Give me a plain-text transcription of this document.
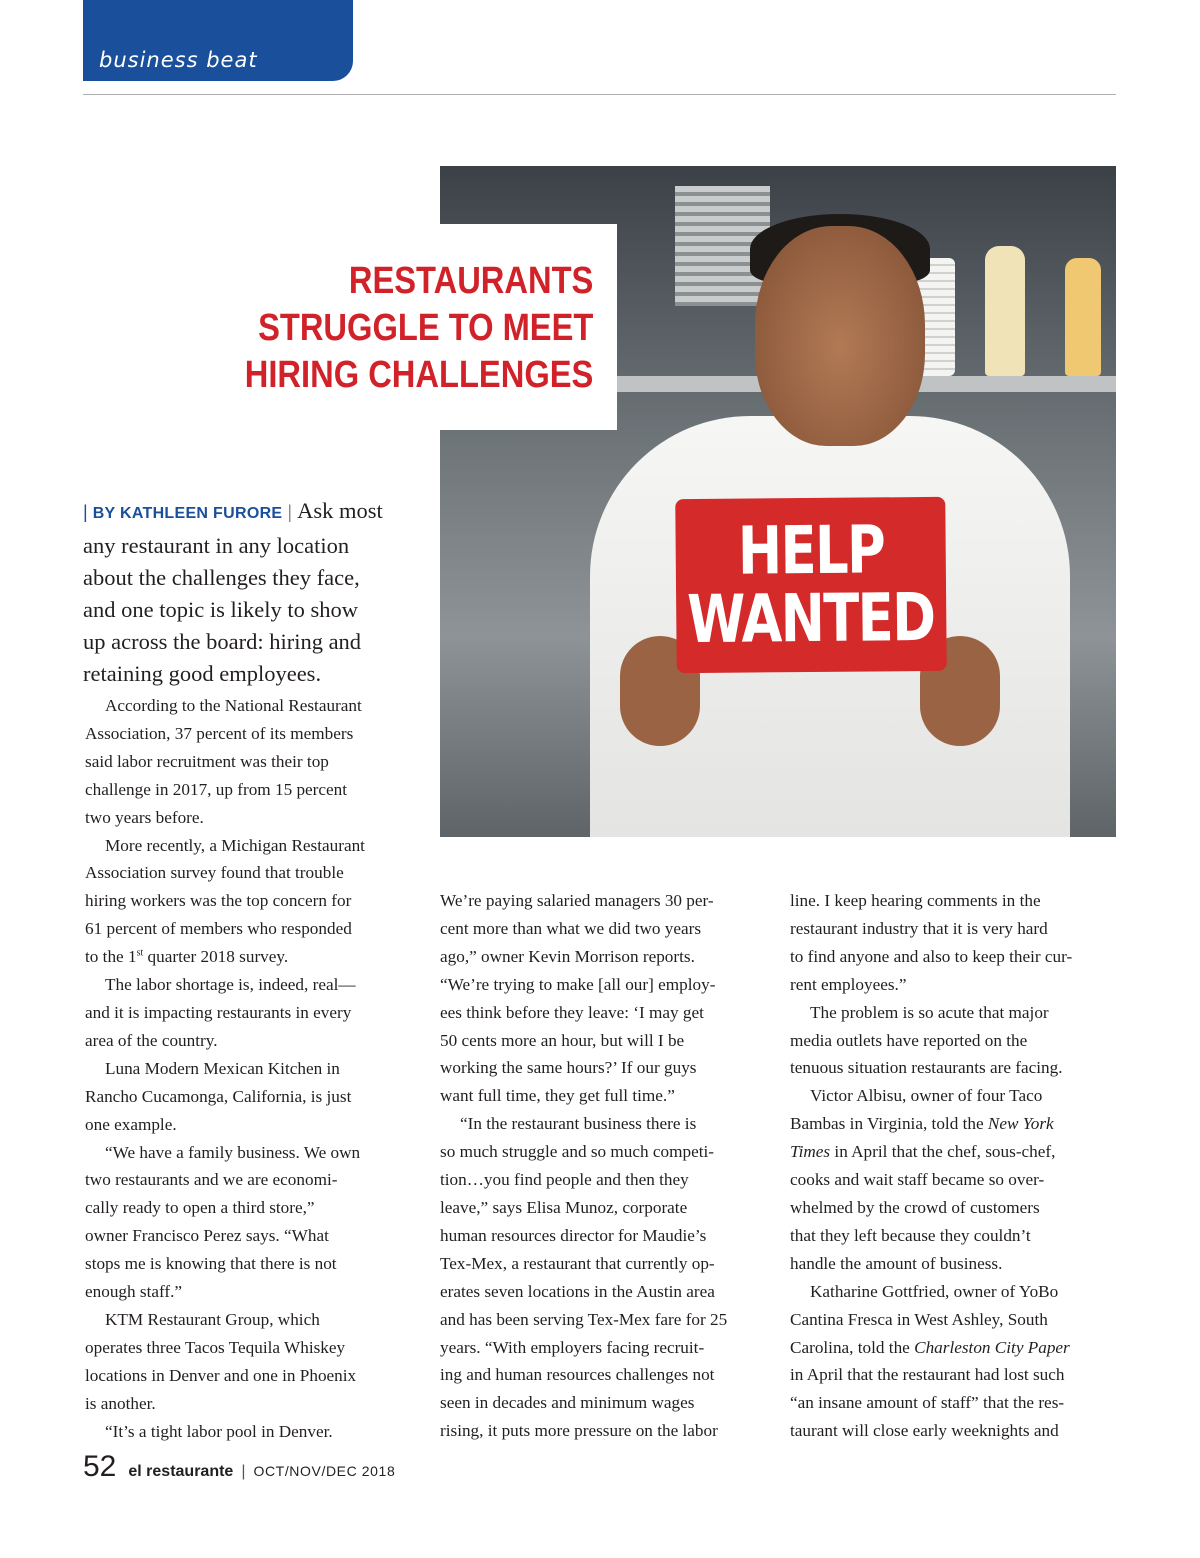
business beat
HELP
WANTED
RESTAURANTS
STRUGGLE TO MEET
HIRING CHALLENGES
| BY KATHLEEN FURORE | Ask most
any restaurant in any location
about the challenges they face,
and one topic is likely to show
up across the board: hiring and
retaining good employees.

According to the National Restaurant
Association, 37 percent of its members
said labor recruitment was their top
challenge in 2017, up from 15 percent
two years before.

More recently, a Michigan Restaurant
Association survey found that trouble
hiring workers was the top concern for
61 percent of members who responded
to the 1st quarter 2018 survey.

The labor shortage is, indeed, real—
and it is impacting restaurants in every
area of the country.

Luna Modern Mexican Kitchen in
Rancho Cucamonga, California, is just
one example.

“We have a family business. We own
two restaurants and we are economi-
cally ready to open a third store,”
owner Francisco Perez says. “What
stops me is knowing that there is not
enough staff.”

KTM Restaurant Group, which
operates three Tacos Tequila Whiskey
locations in Denver and one in Phoenix
is another.

“It’s a tight labor pool in Denver.

We’re paying salaried managers 30 per-
cent more than what we did two years
ago,” owner Kevin Morrison reports.
“We’re trying to make [all our] employ-
ees think before they leave: ‘I may get
50 cents more an hour, but will I be
working the same hours?’ If our guys
want full time, they get full time.”

“In the restaurant business there is
so much struggle and so much competi-
tion…you find people and then they
leave,” says Elisa Munoz, corporate
human resources director for Maudie’s
Tex-Mex, a restaurant that currently op-
erates seven locations in the Austin area
and has been serving Tex-Mex fare for 25
years. “With employers facing recruit-
ing and human resources challenges not
seen in decades and minimum wages
rising, it puts more pressure on the labor

line. I keep hearing comments in the
restaurant industry that it is very hard
to find anyone and also to keep their cur-
rent employees.”

The problem is so acute that major
media outlets have reported on the
tenuous situation restaurants are facing.

Victor Albisu, owner of four Taco
Bambas in Virginia, told the New York
Times in April that the chef, sous-chef,
cooks and wait staff became so over-
whelmed by the crowd of customers
that they left because they couldn’t
handle the amount of business.

Katharine Gottfried, owner of YoBo
Cantina Fresca in West Ashley, South
Carolina, told the Charleston City Paper
in April that the restaurant had lost such
“an insane amount of staff” that the res-
taurant will close early weeknights and

52 el restaurante | OCT/NOV/DEC 2018
